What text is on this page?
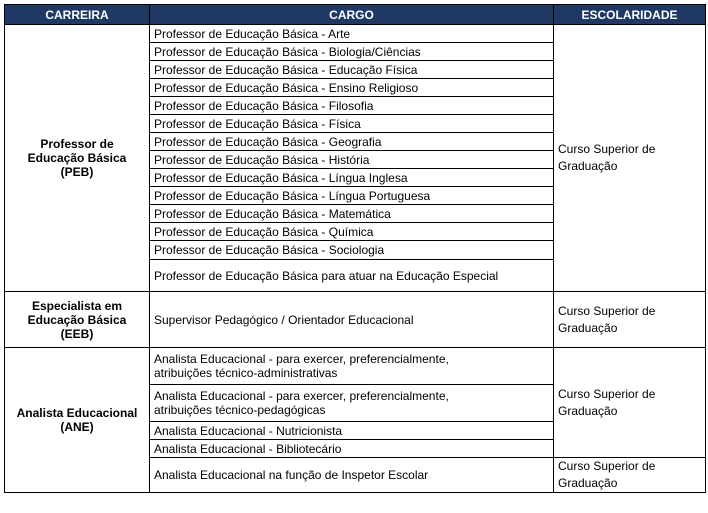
CARREIRA	CARGO	ESCOLARIDADE
Professor de
Educação Básica
(PEB)	Professor de Educação Básica - Arte	Curso Superior de
Graduação
	Professor de Educação Básica - Biologia/Ciências	
	Professor de Educação Básica - Educação Física	
	Professor de Educação Básica - Ensino Religioso	
	Professor de Educação Básica - Filosofia	
	Professor de Educação Básica - Física	
	Professor de Educação Básica - Geografia	
	Professor de Educação Básica - História	
	Professor de Educação Básica - Língua Inglesa	
	Professor de Educação Básica - Língua Portuguesa	
	Professor de Educação Básica - Matemática	
	Professor de Educação Básica - Química	
	Professor de Educação Básica - Sociologia	
	Professor de Educação Básica para atuar na Educação Especial	
Especialista em
Educação Básica
(EEB)	Supervisor Pedagógico / Orientador Educacional	Curso Superior de
Graduação
Analista Educacional
(ANE)	Analista Educacional - para exercer, preferencialmente,
atribuições técnico-administrativas	Curso Superior de
Graduação
	Analista Educacional - para exercer, preferencialmente,
atribuições técnico-pedagógicas	
	Analista Educacional - Nutricionista	
	Analista Educacional - Bibliotecário	
	Analista Educacional na função de Inspetor Escolar	Curso Superior de
Graduação
